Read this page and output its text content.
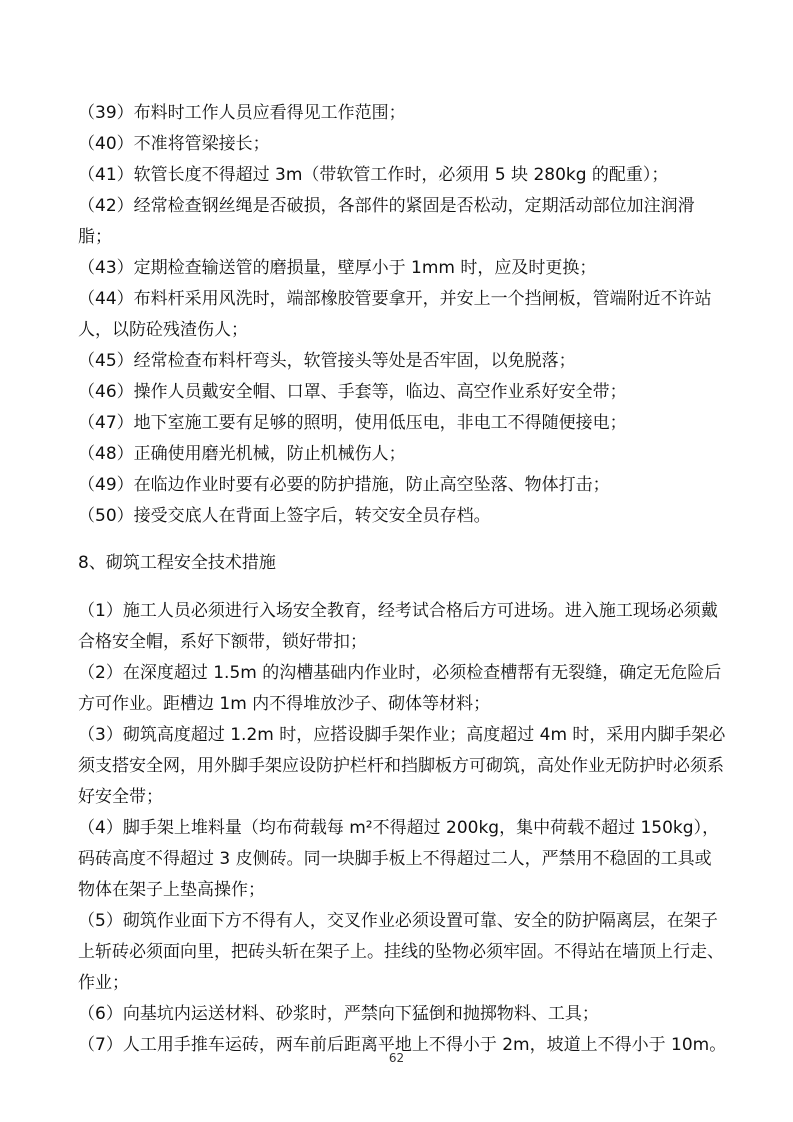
（39）布料时工作人员应看得见工作范围；

（40）不准将管梁接长；

（41）软管长度不得超过 3m（带软管工作时，必须用 5 块 280kg 的配重）；

（42）经常检查钢丝绳是否破损，各部件的紧固是否松动，定期活动部位加注润滑脂；

（43）定期检查输送管的磨损量，壁厚小于 1mm 时，应及时更换；

（44）布料杆采用风洗时，端部橡胶管要拿开，并安上一个挡闸板，管端附近不许站人，以防砼残渣伤人；

（45）经常检查布料杆弯头，软管接头等处是否牢固，以免脱落；

（46）操作人员戴安全帽、口罩、手套等，临边、高空作业系好安全带；

（47）地下室施工要有足够的照明，使用低压电，非电工不得随便接电；

（48）正确使用磨光机械，防止机械伤人；

（49）在临边作业时要有必要的防护措施，防止高空坠落、物体打击；

（50）接受交底人在背面上签字后，转交安全员存档。

8、砌筑工程安全技术措施

（1）施工人员必须进行入场安全教育，经考试合格后方可进场。进入施工现场必须戴合格安全帽，系好下额带，锁好带扣；

（2）在深度超过 1.5m 的沟槽基础内作业时，必须检查槽帮有无裂缝，确定无危险后方可作业。距槽边 1m 内不得堆放沙子、砌体等材料；

（3）砌筑高度超过 1.2m 时，应搭设脚手架作业；高度超过 4m 时，采用内脚手架必须支搭安全网，用外脚手架应设防护栏杆和挡脚板方可砌筑，高处作业无防护时必须系好安全带；

（4）脚手架上堆料量（均布荷载每 m²不得超过 200kg，集中荷载不超过 150kg），码砖高度不得超过 3 皮侧砖。同一块脚手板上不得超过二人，严禁用不稳固的工具或物体在架子上垫高操作；

（5）砌筑作业面下方不得有人，交叉作业必须设置可靠、安全的防护隔离层，在架子上斩砖必须面向里，把砖头斩在架子上。挂线的坠物必须牢固。不得站在墙顶上行走、作业；

（6）向基坑内运送材料、砂浆时，严禁向下猛倒和抛掷物料、工具；

（7）人工用手推车运砖，两车前后距离平地上不得小于 2m，坡道上不得小于 10m。

62
